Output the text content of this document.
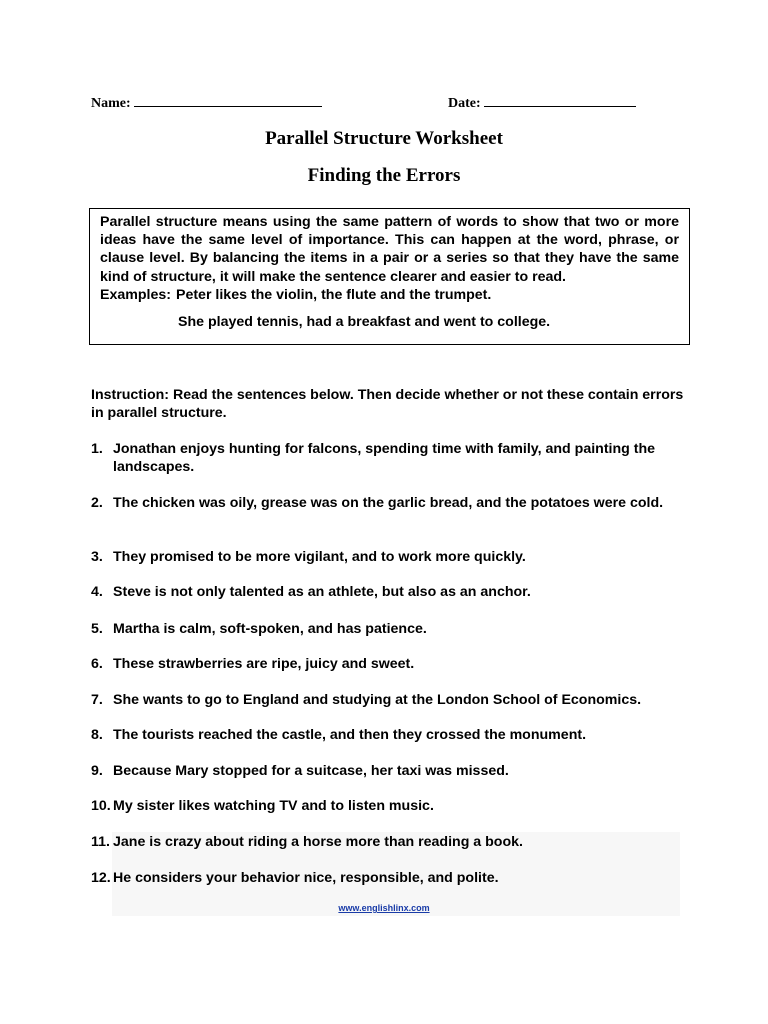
Name:	Date:
Parallel Structure Worksheet
Finding the Errors

Parallel structure means using the same pattern of words to show that two or more ideas have the same level of importance. This can happen at the word, phrase, or clause level. By balancing the items in a pair or a series so that they have the same kind of structure, it will make the sentence clearer and easier to read.

Examples: Peter likes the violin, the flute and the trumpet.
She played tennis, had a breakfast and went to college.
Instruction: Read the sentences below. Then decide whether or not these contain errors in parallel structure.
1. Jonathan enjoys hunting for falcons, spending time with family, and painting the landscapes.
2. The chicken was oily, grease was on the garlic bread, and the potatoes were cold.
3. They promised to be more vigilant, and to work more quickly.
4. Steve is not only talented as an athlete, but also as an anchor.
5. Martha is calm, soft-spoken, and has patience.
6. These strawberries are ripe, juicy and sweet.
7. She wants to go to England and studying at the London School of Economics.
8. The tourists reached the castle, and then they crossed the monument.
9. Because Mary stopped for a suitcase, her taxi was missed.
10. My sister likes watching TV and to listen music.
11. Jane is crazy about riding a horse more than reading a book.
12. He considers your behavior nice, responsible, and polite.
www.englishlinx.com
